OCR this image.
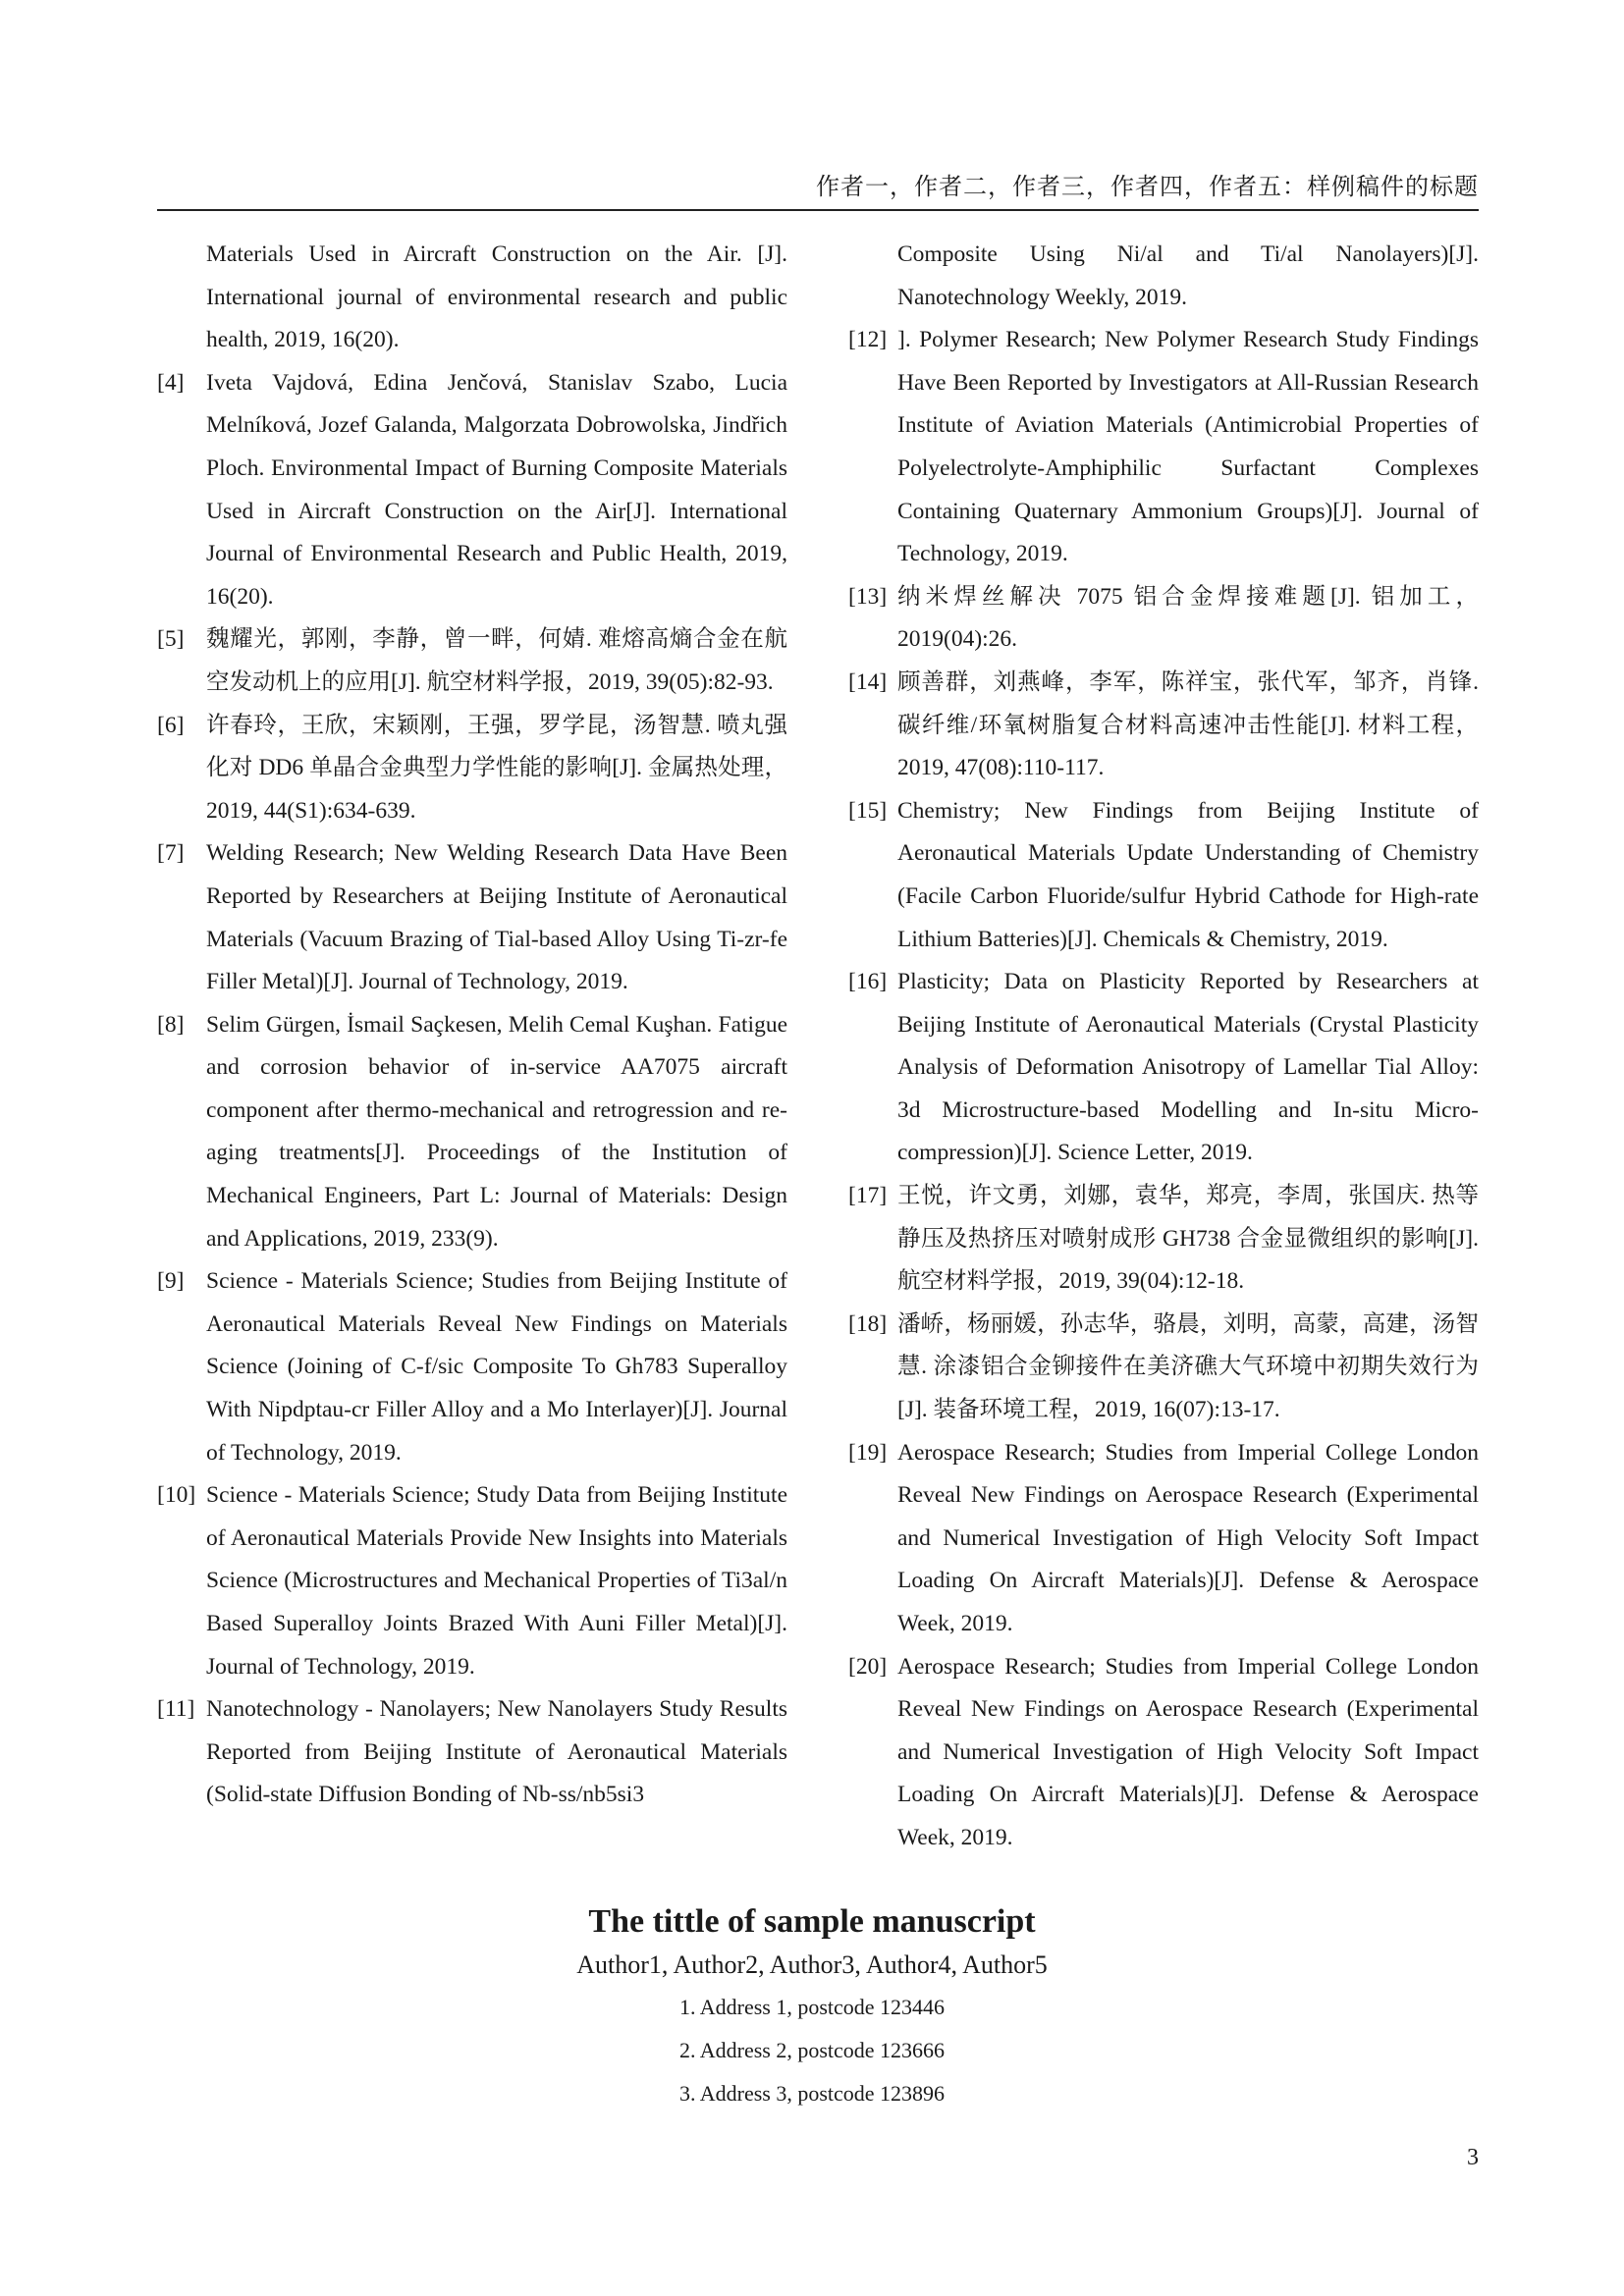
作者一，作者二，作者三，作者四，作者五：样例稿件的标题
Materials Used in Aircraft Construction on the Air. [J]. International journal of environmental research and public health, 2019, 16(20).
[4] Iveta Vajdová, Edina Jenčová, Stanislav Szabo, Lucia Melníková, Jozef Galanda, Malgorzata Dobrowolska, Jindřich Ploch. Environmental Impact of Burning Composite Materials Used in Aircraft Construction on the Air[J]. International Journal of Environmental Research and Public Health, 2019, 16(20).
[5] 魏耀光，郭刚，李静，曾一畔，何婧. 难熔高熵合金在航空发动机上的应用[J]. 航空材料学报，2019, 39(05):82-93.
[6] 许春玲，王欣，宋颖刚，王强，罗学昆，汤智慧. 喷丸强化对 DD6 单晶合金典型力学性能的影响[J]. 金属热处理，2019, 44(S1):634-639.
[7] Welding Research; New Welding Research Data Have Been Reported by Researchers at Beijing Institute of Aeronautical Materials (Vacuum Brazing of Tial-based Alloy Using Ti-zr-fe Filler Metal)[J]. Journal of Technology, 2019.
[8] Selim Gürgen, İsmail Saçkesen, Melih Cemal Kuşhan. Fatigue and corrosion behavior of in-service AA7075 aircraft component after thermo-mechanical and retrogression and re-aging treatments[J]. Proceedings of the Institution of Mechanical Engineers, Part L: Journal of Materials: Design and Applications, 2019, 233(9).
[9] Science - Materials Science; Studies from Beijing Institute of Aeronautical Materials Reveal New Findings on Materials Science (Joining of C-f/sic Composite To Gh783 Superalloy With Nipdptau-cr Filler Alloy and a Mo Interlayer)[J]. Journal of Technology, 2019.
[10] Science - Materials Science; Study Data from Beijing Institute of Aeronautical Materials Provide New Insights into Materials Science (Microstructures and Mechanical Properties of Ti3al/n Based Superalloy Joints Brazed With Auni Filler Metal)[J]. Journal of Technology, 2019.
[11] Nanotechnology - Nanolayers; New Nanolayers Study Results Reported from Beijing Institute of Aeronautical Materials (Solid-state Diffusion Bonding of Nb-ss/nb5si3
Composite Using Ni/al and Ti/al Nanolayers)[J]. Nanotechnology Weekly, 2019.
[12] ]. Polymer Research; New Polymer Research Study Findings Have Been Reported by Investigators at All-Russian Research Institute of Aviation Materials (Antimicrobial Properties of Polyelectrolyte-Amphiphilic Surfactant Complexes Containing Quaternary Ammonium Groups)[J]. Journal of Technology, 2019.
[13] 纳米焊丝解决 7075 铝合金焊接难题[J]. 铝加工，2019(04):26.
[14] 顾善群，刘燕峰，李军，陈祥宝，张代军，邹齐，肖锋. 碳纤维/环氧树脂复合材料高速冲击性能[J]. 材料工程，2019, 47(08):110-117.
[15] Chemistry; New Findings from Beijing Institute of Aeronautical Materials Update Understanding of Chemistry (Facile Carbon Fluoride/sulfur Hybrid Cathode for High-rate Lithium Batteries)[J]. Chemicals & Chemistry, 2019.
[16] Plasticity; Data on Plasticity Reported by Researchers at Beijing Institute of Aeronautical Materials (Crystal Plasticity Analysis of Deformation Anisotropy of Lamellar Tial Alloy: 3d Microstructure-based Modelling and In-situ Micro-compression)[J]. Science Letter, 2019.
[17] 王悦，许文勇，刘娜，袁华，郑亮，李周，张国庆. 热等静压及热挤压对喷射成形 GH738 合金显微组织的影响[J]. 航空材料学报，2019, 39(04):12-18.
[18] 潘峤，杨丽媛，孙志华，骆晨，刘明，高蒙，高建，汤智慧. 涂漆铝合金铆接件在美济礁大气环境中初期失效行为[J]. 装备环境工程，2019, 16(07):13-17.
[19] Aerospace Research; Studies from Imperial College London Reveal New Findings on Aerospace Research (Experimental and Numerical Investigation of High Velocity Soft Impact Loading On Aircraft Materials)[J]. Defense & Aerospace Week, 2019.
[20] Aerospace Research; Studies from Imperial College London Reveal New Findings on Aerospace Research (Experimental and Numerical Investigation of High Velocity Soft Impact Loading On Aircraft Materials)[J]. Defense & Aerospace Week, 2019.
The tittle of sample manuscript
Author1, Author2, Author3, Author4, Author5
1. Address 1, postcode 123446
2. Address 2, postcode 123666
3. Address 3, postcode 123896
3
